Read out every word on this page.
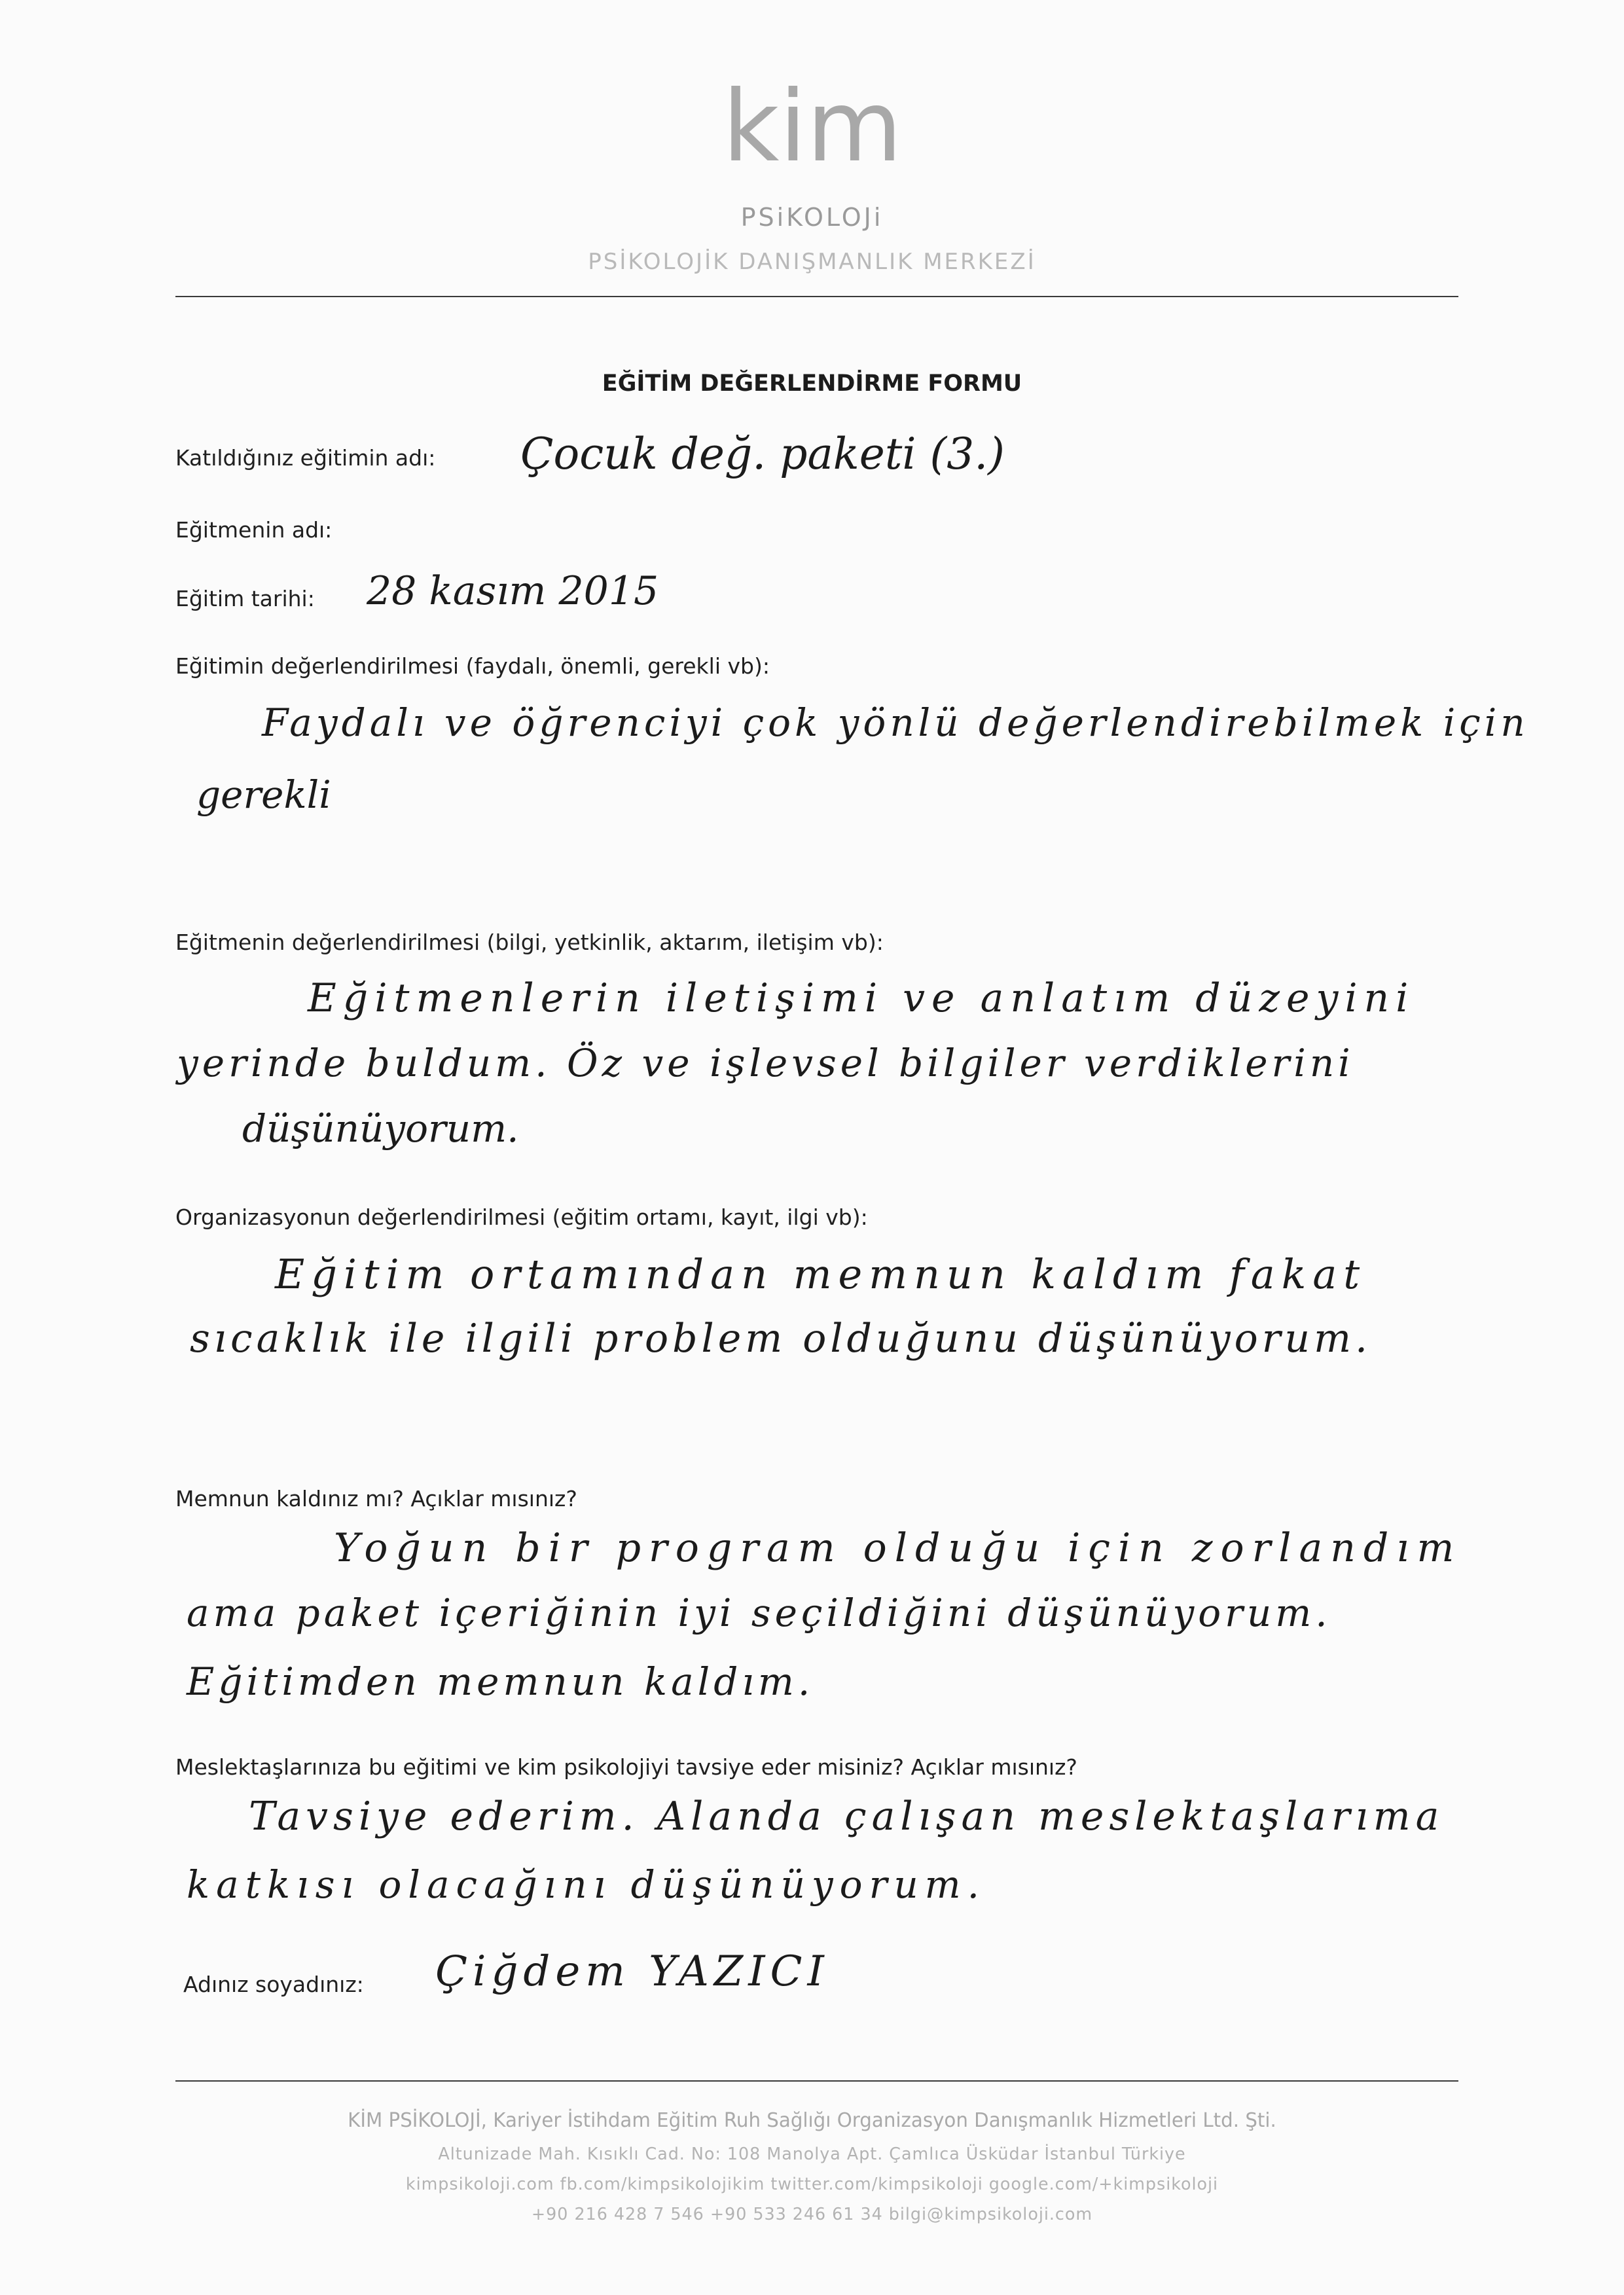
kim
PSiKOLOJi
PSİKOLOJİK DANIŞMANLIK MERKEZİ
EĞİTİM DEĞERLENDİRME FORMU
Katıldığınız eğitimin adı: Çocuk değ. paketi (3.)
Eğitmenin adı:
Eğitim tarihi: 28 kasım 2015
Eğitimin değerlendirilmesi (faydalı, önemli, gerekli vb):
Faydalı ve öğrenciyi çok yönlü değerlendirebilmek için
gerekli
Eğitmenin değerlendirilmesi (bilgi, yetkinlik, aktarım, iletişim vb):
Eğitmenlerin iletişimi ve anlatım düzeyini
yerinde buldum. Öz ve işlevsel bilgiler verdiklerini
düşünüyorum.
Organizasyonun değerlendirilmesi (eğitim ortamı, kayıt, ilgi vb):
Eğitim ortamından memnun kaldım fakat
sıcaklık ile ilgili problem olduğunu düşünüyorum.
Memnun kaldınız mı? Açıklar mısınız?
Yoğun bir program olduğu için zorlandım
ama paket içeriğinin iyi seçildiğini düşünüyorum.
Eğitimden memnun kaldım.
Meslektaşlarınıza bu eğitimi ve kim psikolojiyi tavsiye eder misiniz? Açıklar mısınız?
Tavsiye ederim. Alanda çalışan meslektaşlarıma
katkısı olacağını düşünüyorum.
Adınız soyadınız: Çiğdem YAZICI
KİM PSİKOLOJİ, Kariyer İstihdam Eğitim Ruh Sağlığı Organizasyon Danışmanlık Hizmetleri Ltd. Şti.
Altunizade Mah. Kısıklı Cad. No: 108 Manolya Apt. Çamlıca Üsküdar İstanbul Türkiye
kimpsikoloji.com fb.com/kimpsikolojikim twitter.com/kimpsikoloji google.com/+kimpsikoloji
+90 216 428 7 546 +90 533 246 61 34 bilgi@kimpsikoloji.com
